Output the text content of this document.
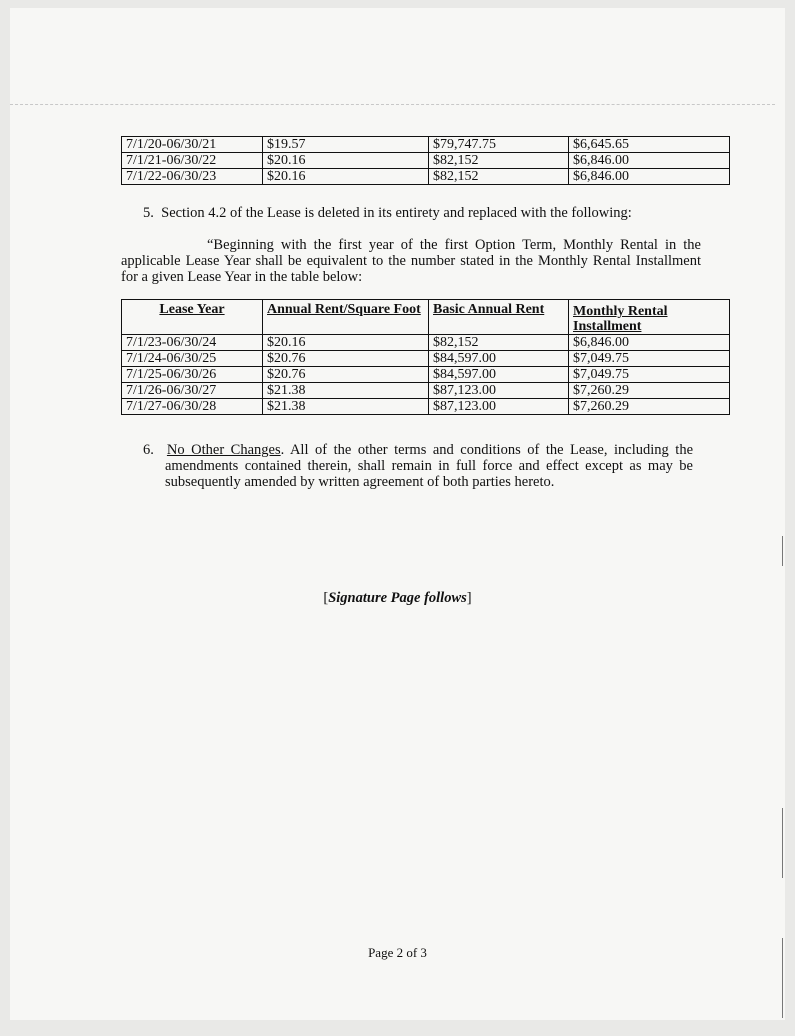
7/1/20-06/30/21	$19.57	$79,747.75	$6,645.65
7/1/21-06/30/22	$20.16	$82,152	$6,846.00
7/1/22-06/30/23	$20.16	$82,152	$6,846.00
5. Section 4.2 of the Lease is deleted in its entirety and replaced with the following:
“Beginning with the first year of the first Option Term, Monthly Rental in the applicable Lease Year shall be equivalent to the number stated in the Monthly Rental Installment for a given Lease Year in the table below:
Lease Year	Annual Rent/Square Foot	Basic Annual Rent	Monthly Rental Installment
7/1/23-06/30/24	$20.16	$82,152	$6,846.00
7/1/24-06/30/25	$20.76	$84,597.00	$7,049.75
7/1/25-06/30/26	$20.76	$84,597.00	$7,049.75
7/1/26-06/30/27	$21.38	$87,123.00	$7,260.29
7/1/27-06/30/28	$21.38	$87,123.00	$7,260.29
6. No Other Changes. All of the other terms and conditions of the Lease, including the amendments contained therein, shall remain in full force and effect except as may be subsequently amended by written agreement of both parties hereto.
[Signature Page follows]
Page 2 of 3
